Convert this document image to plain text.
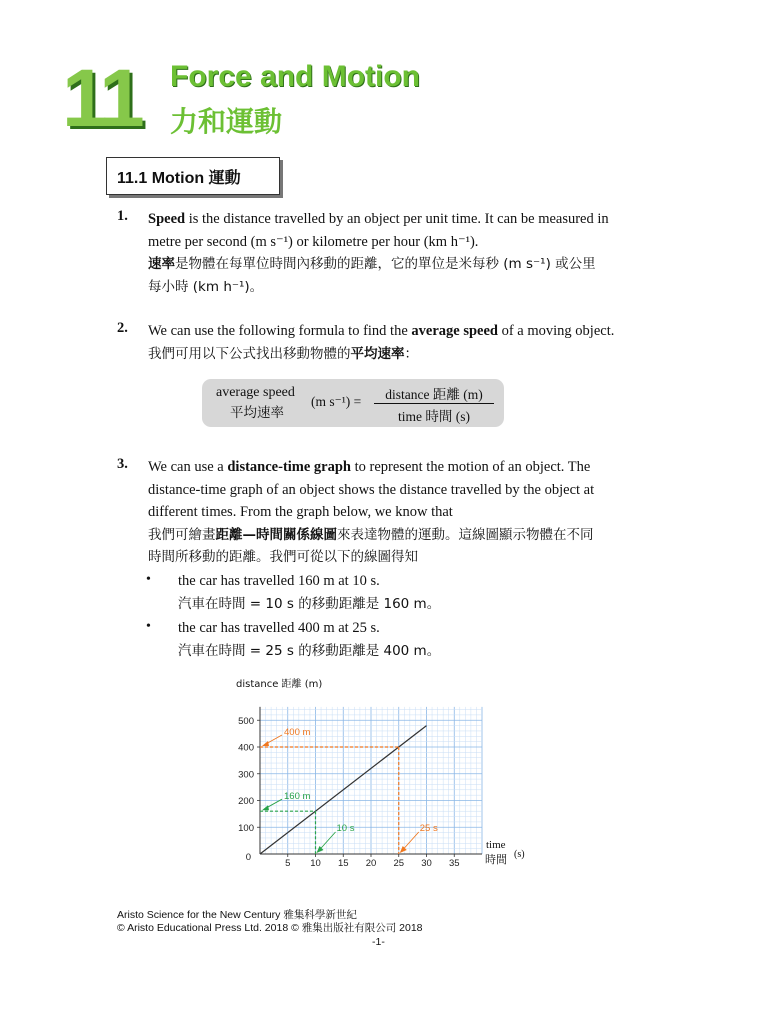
11 Force and Motion
力和運動
11.1 Motion 運動
1. Speed is the distance travelled by an object per unit time. It can be measured in
metre per second (m s⁻¹) or kilometre per hour (km h⁻¹).
速率是物體在每單位時間內移動的距離，它的單位是米每秒 (m s⁻¹) 或公里
每小時 (km h⁻¹)。
2. We can use the following formula to find the average speed of a moving object.
我們可用以下公式找出移動物體的平均速率：
average speed
平均速率
(m s⁻¹) =	distance 距離 (m)
time 時間 (s)
3. We can use a distance-time graph to represent the motion of an object. The
distance-time graph of an object shows the distance travelled by the object at
different times. From the graph below, we know that
我們可繪畫距離—時間關係線圖來表達物體的運動。這線圖顯示物體在不同
時間所移動的距離。我們可從以下的線圖得知
• the car has travelled 160 m at 10 s.
汽車在時間 = 10 s 的移動距離是 160 m。
• the car has travelled 400 m at 25 s.
汽車在時間 = 25 s 的移動距離是 400 m。
distance 距離 (m)
time
時間 (s)
5 10 15 20 25 30 35
100
200
300
400
500
0
160 m
10 s
400 m
25 s
Aristo Science for the New Century 雅集科學新世紀
© Aristo Educational Press Ltd. 2018 © 雅集出版社有限公司 2018
-1-
